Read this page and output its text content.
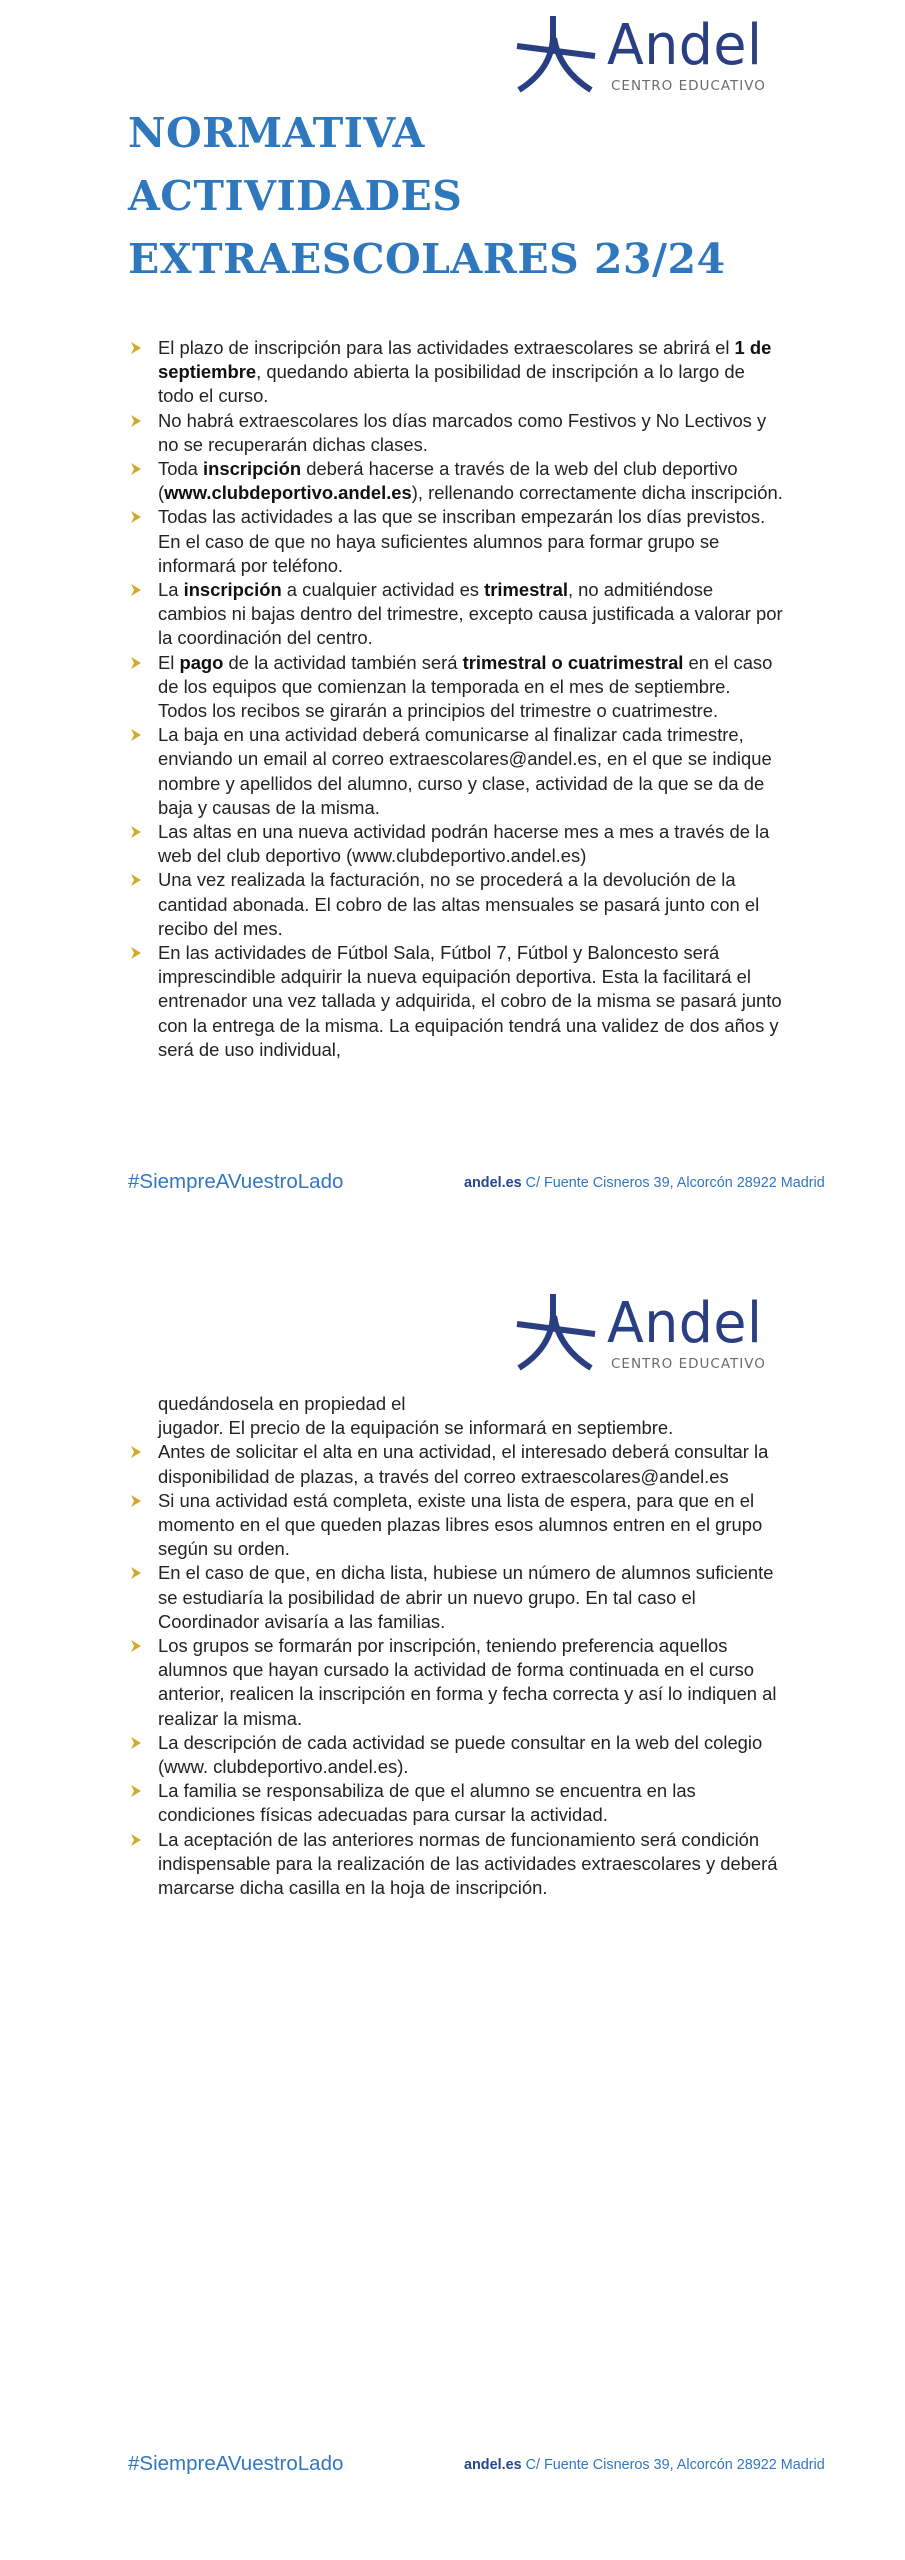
Andel
CENTRO EDUCATIVO
NORMATIVA
ACTIVIDADES
EXTRAESCOLARES 23/24
El plazo de inscripción para las actividades extraescolares se abrirá el 1 de septiembre, quedando abierta la posibilidad de inscripción a lo largo de todo el curso.
No habrá extraescolares los días marcados como Festivos y No Lectivos y no se recuperarán dichas clases.
Toda inscripción deberá hacerse a través de la web del club deportivo (www.clubdeportivo.andel.es), rellenando correctamente dicha inscripción.
Todas las actividades a las que se inscriban empezarán los días previstos. En el caso de que no haya suficientes alumnos para formar grupo se informará por teléfono.
La inscripción a cualquier actividad es trimestral, no admitiéndose cambios ni bajas dentro del trimestre, excepto causa justificada a valorar por la coordinación del centro.
El pago de la actividad también será trimestral o cuatrimestral en el caso de los equipos que comienzan la temporada en el mes de septiembre. Todos los recibos se girarán a principios del trimestre o cuatrimestre.
La baja en una actividad deberá comunicarse al finalizar cada trimestre, enviando un email al correo extraescolares@andel.es, en el que se indique nombre y apellidos del alumno, curso y clase, actividad de la que se da de baja y causas de la misma.
Las altas en una nueva actividad podrán hacerse mes a mes a través de la web del club deportivo (www.clubdeportivo.andel.es)
Una vez realizada la facturación, no se procederá a la devolución de la cantidad abonada. El cobro de las altas mensuales se pasará junto con el recibo del mes.
En las actividades de Fútbol Sala, Fútbol 7, Fútbol y Baloncesto será imprescindible adquirir la nueva equipación deportiva. Esta la facilitará el entrenador una vez tallada y adquirida, el cobro de la misma se pasará junto con la entrega de la misma. La equipación tendrá una validez de dos años y será de uso individual,
#SiempreAVuestroLado	andel.es C/ Fuente Cisneros 39, Alcorcón 28922 Madrid
Andel
CENTRO EDUCATIVO
quedándosela en propiedad el
jugador. El precio de la equipación se informará en septiembre.
Antes de solicitar el alta en una actividad, el interesado deberá consultar la disponibilidad de plazas, a través del correo extraescolares@andel.es
Si una actividad está completa, existe una lista de espera, para que en el momento en el que queden plazas libres esos alumnos entren en el grupo según su orden.
En el caso de que, en dicha lista, hubiese un número de alumnos suficiente se estudiaría la posibilidad de abrir un nuevo grupo. En tal caso el Coordinador avisaría a las familias.
Los grupos se formarán por inscripción, teniendo preferencia aquellos alumnos que hayan cursado la actividad de forma continuada en el curso anterior, realicen la inscripción en forma y fecha correcta y así lo indiquen al realizar la misma.
La descripción de cada actividad se puede consultar en la web del colegio (www. clubdeportivo.andel.es).
La familia se responsabiliza de que el alumno se encuentra en las condiciones físicas adecuadas para cursar la actividad.
La aceptación de las anteriores normas de funcionamiento será condición indispensable para la realización de las actividades extraescolares y deberá marcarse dicha casilla en la hoja de inscripción.
#SiempreAVuestroLado	andel.es C/ Fuente Cisneros 39, Alcorcón 28922 Madrid
